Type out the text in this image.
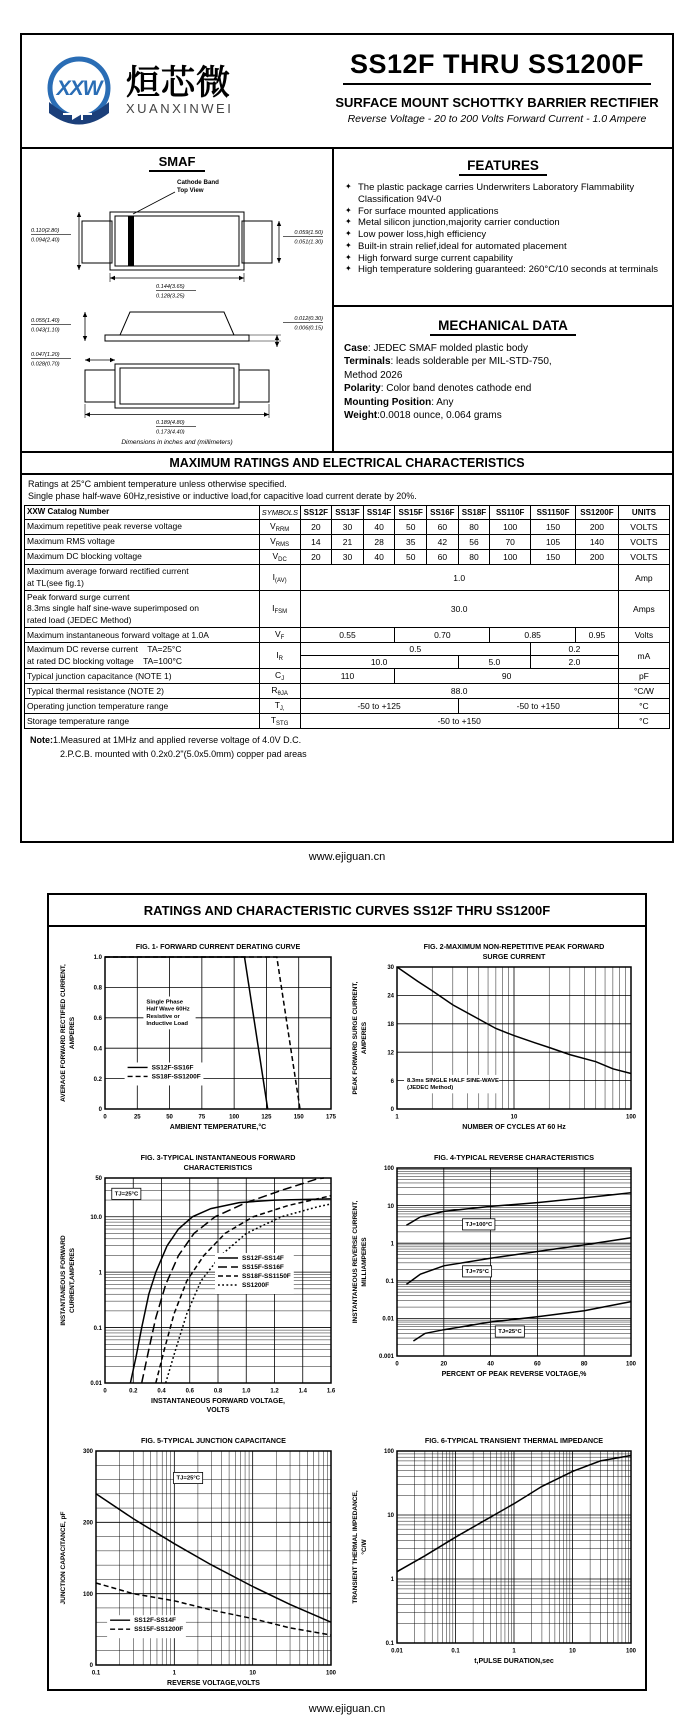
XXW 烜芯微
XUANXINWEI
SS12F THRU SS1200F
SURFACE MOUNT SCHOTTKY BARRIER RECTIFIER
Reverse Voltage - 20 to 200 Volts Forward Current - 1.0 Ampere
SMAF
Cathode Band
Top View
0.110(2.80)
0.094(2.40)
0.059(1.50)
0.051(1.30)
0.144(3.65)
0.128(3.25)
0.055(1.40)
0.043(1.10)
0.012(0.30)
0.006(0.15)
0.047(1.20)
0.028(0.70)
0.189(4.80)
0.173(4.40)
Dimensions in inches and (millimeters)
FEATURES
✦ The plastic package carries Underwriters Laboratory Flammability Classification 94V-0
✦ For surface mounted applications
✦ Metal silicon junction,majority carrier conduction
✦ Low power loss,high efficiency
✦ Built-in strain relief,ideal for automated placement
✦ High forward surge current capability
✦ High temperature soldering guaranteed: 260°C/10 seconds at terminals
MECHANICAL DATA
Case: JEDEC SMAF molded plastic body
Terminals: leads solderable per MIL-STD-750,
Method 2026
Polarity: Color band denotes cathode end
Mounting Position: Any
Weight:0.0018 ounce, 0.064 grams
MAXIMUM RATINGS AND ELECTRICAL CHARACTERISTICS
Ratings at 25°C ambient temperature unless otherwise specified.
Single phase half-wave 60Hz,resistive or inductive load,for capacitive load current derate by 20%.
XXW Catalog Number	SYMBOLS	SS12F	SS13F	SS14F	SS15F	SS16F	SS18F	SS110F	SS1150F	SS1200F	UNITS

Maximum repetitive peak reverse voltage	$V_{RRM}$	20	30	40	50	60	80	100	150	200	VOLTS

Maximum RMS voltage	$V_{RMS}$	14	21	28	35	42	56	70	105	140	VOLTS

Maximum DC blocking voltage	$V_{DC}$	20	30	40	50	60	80	100	150	200	VOLTS

Maximum average forward rectified current
at TL(see fig.1)	$I_{(AV)}$	1.0									Amp

Peak forward surge current
8.3ms single half sine-wave superimposed on
rated load (JEDEC Method)	$I_{FSM}$	30.0									Amps

Maximum instantaneous forward voltage at 1.0A	$V_F$	0.55			0.70			0.85		0.95	Volts

Maximum DC reverse current    TA=25°C
at rated DC blocking voltage    TA=100°C	$I_R$	0.5							0.2		mA
		10.0					5.0		2.0		

Typical junction capacitance (NOTE 1)	$C_J$	110			90						pF

Typical thermal resistance (NOTE 2)	$R_{\theta JA}$	88.0									°C/W

Operating junction temperature range	$T_{J,}$	-50 to +125					-50 to +150				°C

Storage temperature range	$T_{STG}$	-50 to +150									°C
Note:1.Measured at 1MHz and applied reverse voltage of 4.0V D.C.
2.P.C.B. mounted with 0.2x0.2"(5.0x5.0mm) copper pad areas
www.ejiguan.cn
RATINGS AND CHARACTERISTIC CURVES SS12F THRU SS1200F
0	25	50	75	100	125	150	175
0
0.2
0.4
0.6
0.8
1.0
FIG. 1- FORWARD CURRENT DERATING CURVE
AMBIENT TEMPERATURE,°C
AVERAGE FORWARD RECTIFIED CURRENT, AMPERES
SS12F-SS16F
SS18F-SS1200F
Single Phase
Half Wave 60Hz
Resistive or
Inductive Load
1	10	100
0
6
12
18
24
30
FIG. 2-MAXIMUM NON-REPETITIVE PEAK FORWARD
SURGE CURRENT
NUMBER OF CYCLES AT 60 Hz
PEAK FORWARD SURGE CURRENT, AMPERES
8.3ms SINGLE HALF SINE-WAVE
(JEDEC Method)
0	0.2	0.4	0.6	0.8	1.0	1.2	1.4	1.6
0.01
0.1
1
10.0
50
FIG. 3-TYPICAL INSTANTANEOUS FORWARD
CHARACTERISTICS
INSTANTANEOUS FORWARD VOLTAGE,
VOLTS
INSTANTANEOUS FORWARD CURRENT,AMPERES	SS12F-SS14F
SS15F-SS16F
SS18F-SS1150F
SS1200F
TJ=25°C
0	20	40	60	80	100
0.001
0.01
0.1
1
10
100
FIG. 4-TYPICAL REVERSE CHARACTERISTICS
PERCENT OF PEAK REVERSE VOLTAGE,%
INSTANTANEOUS REVERSE CURRENT, MILLIAMPERES
TJ=100°C
TJ=75°C
TJ=25°C
0.1	1	10	100
0
100
200
300
FIG. 5-TYPICAL JUNCTION CAPACITANCE
REVERSE VOLTAGE,VOLTS
JUNCTION CAPACITANCE, pF
SS12F-SS14F
SS15F-SS1200F
TJ=25°C
0.01	0.1	1	10	100
0.1
1
10
100
FIG. 6-TYPICAL TRANSIENT THERMAL IMPEDANCE
t,PULSE DURATION,sec
TRANSIENT THERMAL IMPEDANCE, °C/W
www.ejiguan.cn
